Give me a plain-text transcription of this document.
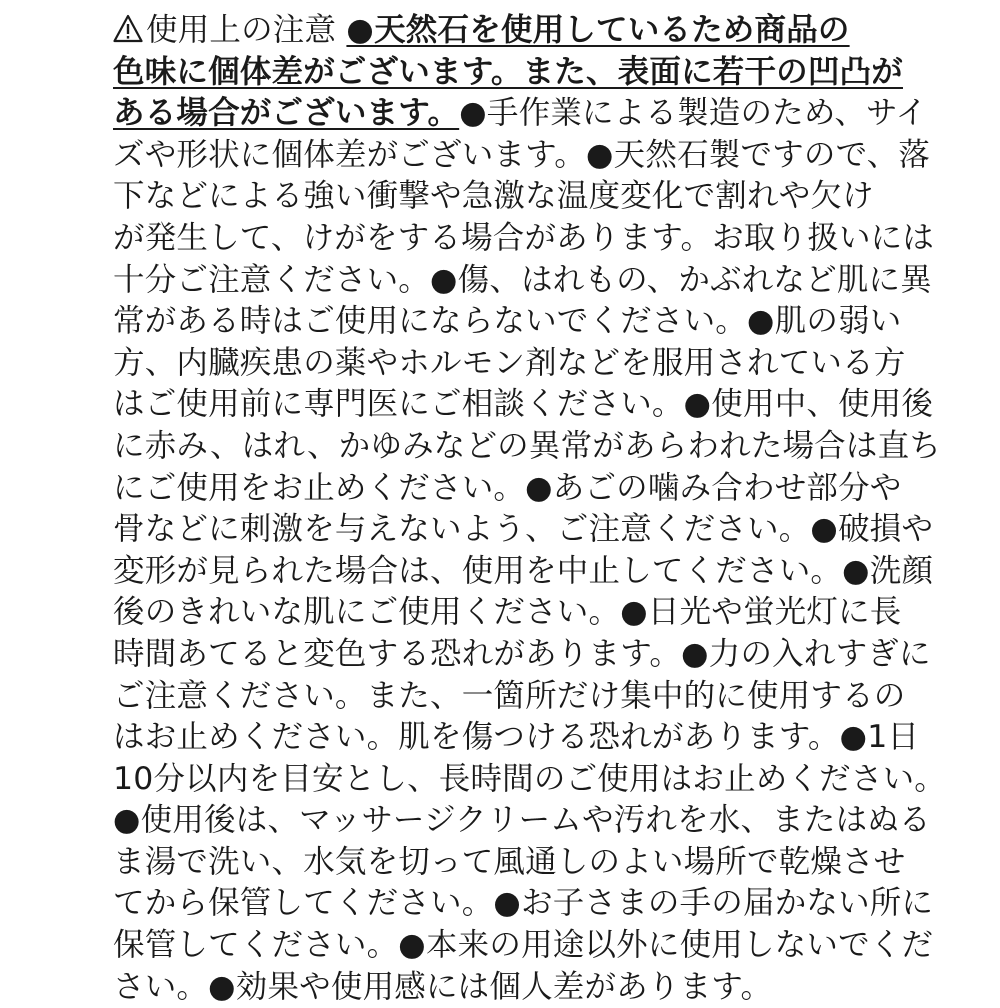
使用上の注意 ●天然石を使用しているため商品の
色味に個体差がございます。また、表面に若干の凹凸が
ある場合がございます。●手作業による製造のため、サイ
ズや形状に個体差がございます。●天然石製ですので、落
下などによる強い衝撃や急激な温度変化で割れや欠け
が発生して、けがをする場合があります。お取り扱いには
十分ご注意ください。●傷、はれもの、かぶれなど肌に異
常がある時はご使用にならないでください。●肌の弱い
方、内臓疾患の薬やホルモン剤などを服用されている方
はご使用前に専門医にご相談ください。●使用中、使用後
に赤み、はれ、かゆみなどの異常があらわれた場合は直ち
にご使用をお止めください。●あごの噛み合わせ部分や
骨などに刺激を与えないよう、ご注意ください。●破損や
変形が見られた場合は、使用を中止してください。●洗顔
後のきれいな肌にご使用ください。●日光や蛍光灯に長
時間あてると変色する恐れがあります。●力の入れすぎに
ご注意ください。また、一箇所だけ集中的に使用するの
はお止めください。肌を傷つける恐れがあります。●1日
10分以内を目安とし、長時間のご使用はお止めください。
●使用後は、マッサージクリームや汚れを水、またはぬる
ま湯で洗い、水気を切って風通しのよい場所で乾燥させ
てから保管してください。●お子さまの手の届かない所に
保管してください。●本来の用途以外に使用しないでくだ
さい。●効果や使用感には個人差があります。
